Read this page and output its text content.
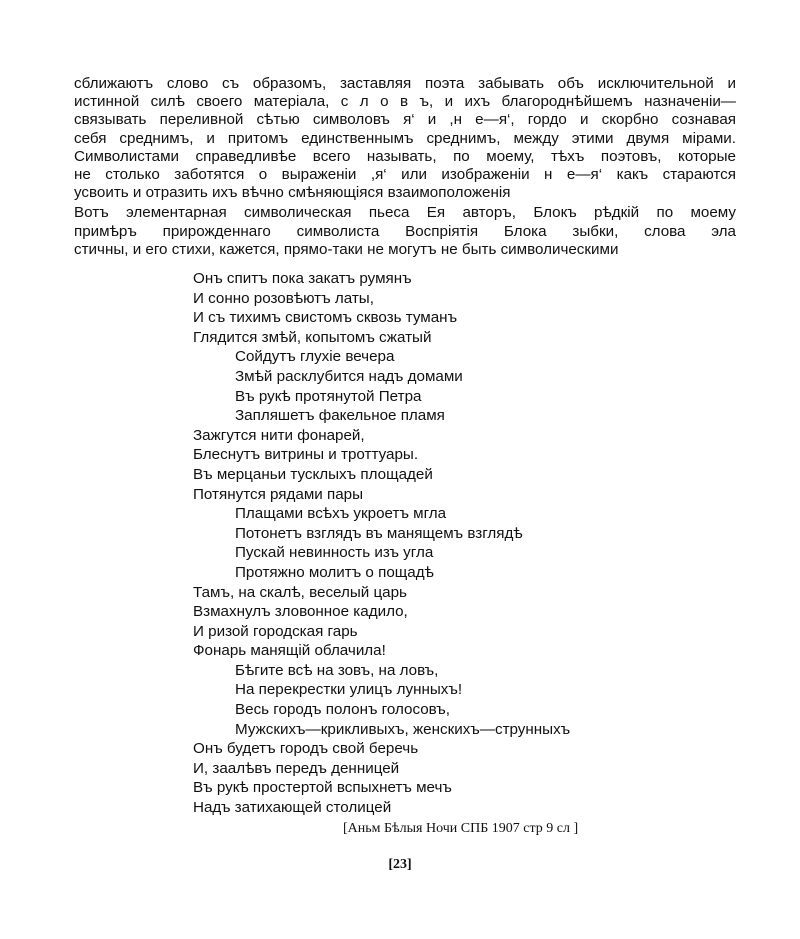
сближаютъ слово съ образомъ, заставляя поэта забывать объ исключительной и
истинной силѣ своего матерiала, с л о в ъ, и ихъ благороднѣйшемъ назначенiи—
связывать переливной сѣтью символовъ я‘ и ,н е—я‘, гордо и скорбно сознавая
себя среднимъ, и притомъ единственнымъ среднимъ, между этими двумя мiрами.
Символистами справедливѣе всего называть, по моему, тѣхъ поэтовъ, которые
не столько заботятся о выраженiи ,я‘ или изображенiи н е—я‘ какъ стараются
усвоить и отразить ихъ вѣчно смѣняющiяся взаимоположенiя
Вотъ элементарная символическая пьеса Ея авторъ, Блокъ рѣдкiй по моему
примѣръ прирожденнаго символиста Воспрiятiя Блока зыбки, слова эла
стичны, и его стихи, кажется, прямо-таки не могутъ не быть символическими
Онъ спитъ пока закатъ румянъ
И сонно розовѣютъ латы,
И съ тихимъ свистомъ сквозь туманъ
Глядится змѣй, копытомъ сжатый
Сойдутъ глухiе вечера
Змѣй расклубится надъ домами
Въ рукѣ протянутой Петра
Запляшетъ факельное пламя
Зажгутся нити фонарей,
Блеснутъ витрины и троттуары.
Въ мерцаньи тусклыхъ площадей
Потянутся рядами пары
Плащами всѣхъ укроетъ мгла
Потонетъ взглядъ въ манящемъ взглядѣ
Пускай невинность изъ угла
Протяжно молитъ о пощадѣ
Тамъ, на скалѣ, веселый царь
Взмахнулъ зловонное кадило,
И ризой городская гарь
Фонарь манящiй облачила!
Бѣгите всѣ на зовъ, на ловъ,
На перекрестки улицъ лунныхъ!
Весь городъ полонъ голосовъ,
Мужскихъ—крикливыхъ, женскихъ—струнныхъ
Онъ будетъ городъ свой беречь
И, заалѣвъ передъ денницей
Въ рукѣ простертой вспыхнетъ мечъ
Надъ затихающей столицей
[Аньм Бѣлыя Ночи СПБ 1907 стр 9 сл ]
[23]
